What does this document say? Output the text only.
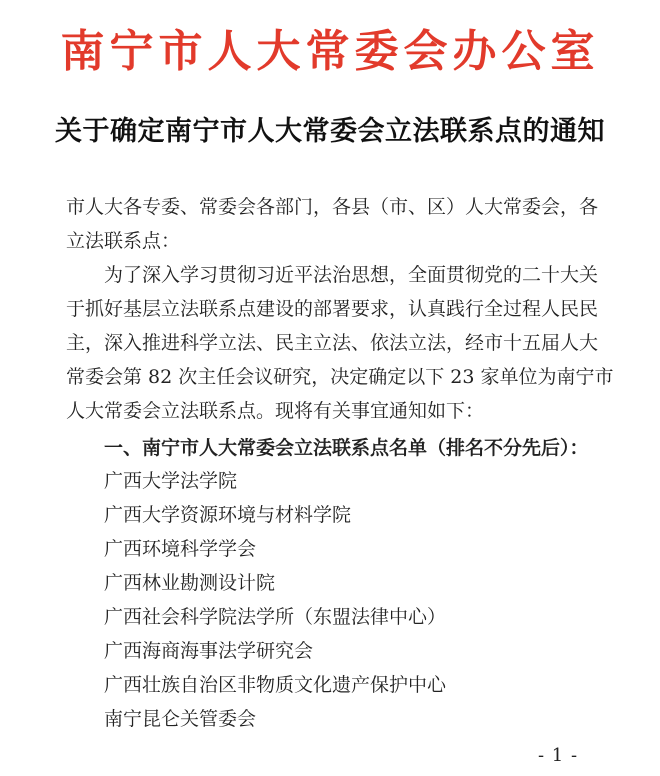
南宁市人大常委会办公室
关于确定南宁市人大常委会立法联系点的通知
市人大各专委、常委会各部门，各县（市、区）人大常委会，各
立法联系点：
　　为了深入学习贯彻习近平法治思想，全面贯彻党的二十大关
于抓好基层立法联系点建设的部署要求，认真践行全过程人民民
主，深入推进科学立法、民主立法、依法立法，经市十五届人大
常委会第 82 次主任会议研究，决定确定以下 23 家单位为南宁市
人大常委会立法联系点。现将有关事宜通知如下：
一、南宁市人大常委会立法联系点名单（排名不分先后）：
广西大学法学院
广西大学资源环境与材料学院
广西环境科学学会
广西林业勘测设计院
广西社会科学院法学所（东盟法律中心）
广西海商海事法学研究会
广西壮族自治区非物质文化遗产保护中心
南宁昆仑关管委会
- 1 -
